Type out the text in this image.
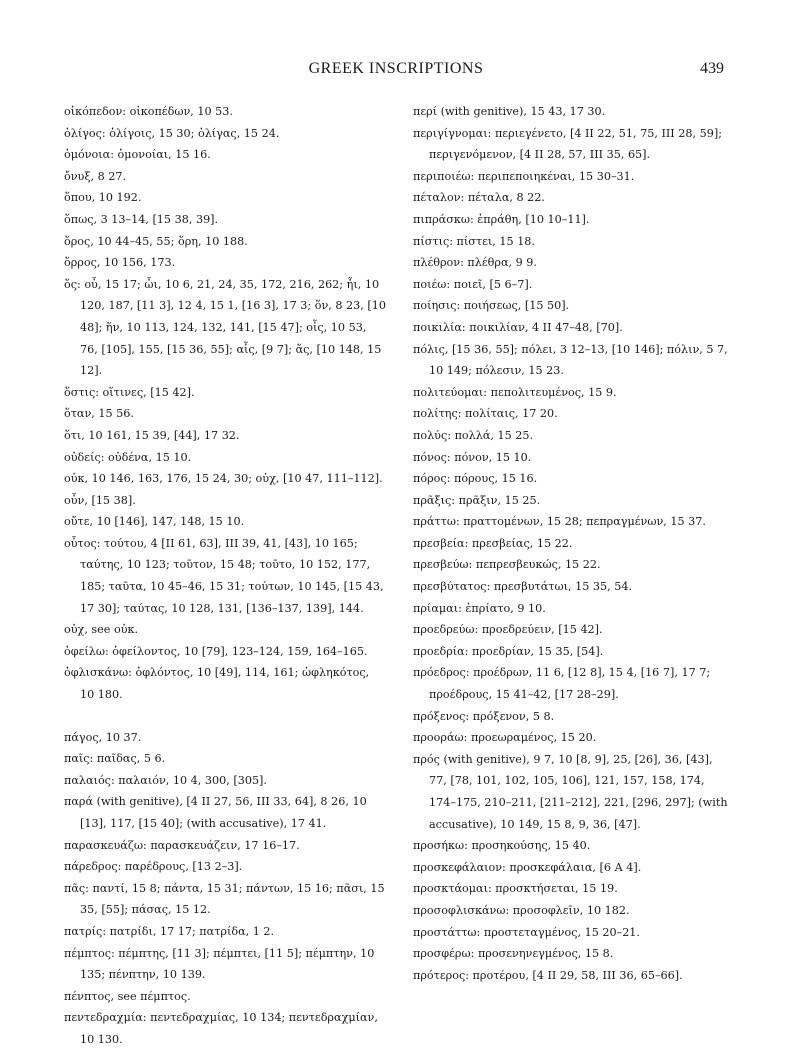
GREEK INSCRIPTIONS	439
οἰκόπεδον: οἰκοπέδων, 10 53.
ὀλίγος: ὀλίγοις, 15 30; ὀλίγας, 15 24.
ὁμόνοια: ὁμονοίαι, 15 16.
ὄνυξ, 8 27.
ὅπου, 10 192.
ὅπως, 3 13–14, [15 38, 39].
ὅρος, 10 44–45, 55; ὅρη, 10 188.
ὅρρος, 10 156, 173.
ὅς: οὗ, 15 17; ὧι, 10 6, 21, 24, 35, 172, 216, 262; ἧι, 10 120, 187, [11 3], 12 4, 15 1, [16 3], 17 3; ὅν, 8 23, [10 48]; ἥν, 10 113, 124, 132, 141, [15 47]; οἷς, 10 53, 76, [105], 155, [15 36, 55]; αἷς, [9 7]; ἅς, [10 148, 15 12].
ὅστις: οἵτινες, [15 42].
ὅταν, 15 56.
ὅτι, 10 161, 15 39, [44], 17 32.
οὐδείς: οὐδένα, 15 10.
οὐκ, 10 146, 163, 176, 15 24, 30; οὐχ, [10 47, 111–112].
οὖν, [15 38].
οὔτε, 10 [146], 147, 148, 15 10.
οὗτος: τούτου, 4 [II 61, 63], III 39, 41, [43], 10 165; ταύτης, 10 123; τοῦτον, 15 48; τοῦτο, 10 152, 177, 185; ταῦτα, 10 45–46, 15 31; τούτων, 10 145, [15 43, 17 30]; ταύτας, 10 128, 131, [136–137, 139], 144.
οὐχ, see οὐκ.
ὀφείλω: ὀφείλοντος, 10 [79], 123–124, 159, 164–165.
ὀφλισκάνω: ὀφλόντος, 10 [49], 114, 161; ὠφληκότος, 10 180.
πάγος, 10 37.
παῖς: παῖδας, 5 6.
παλαιός: παλαιόν, 10 4, 300, [305].
παρά (with genitive), [4 II 27, 56, III 33, 64], 8 26, 10 [13], 117, [15 40]; (with accusative), 17 41.
παρασκευάζω: παρασκευάζειν, 17 16–17.
πάρεδρος: παρέδρους, [13 2–3].
πᾶς: παντί, 15 8; πάντα, 15 31; πάντων, 15 16; πᾶσι, 15 35, [55]; πάσας, 15 12.
πατρίς: πατρίδι, 17 17; πατρίδα, 1 2.
πέμπτος: πέμπτης, [11 3]; πέμπτει, [11 5]; πέμπτην, 10 135; πένπτην, 10 139.
πένπτος, see πέμπτος.
πεντεδραχμία: πεντεδραχμίας, 10 134; πεντεδραχμίαν, 10 130.
περί (with genitive), 15 43, 17 30.
περιγίγνομαι: περιεγένετο, [4 II 22, 51, 75, III 28, 59]; περιγενόμενον, [4 II 28, 57, III 35, 65].
περιποιέω: περιπεποιηκέναι, 15 30–31.
πέταλον: πέταλα, 8 22.
πιπράσκω: ἐπράθη, [10 10–11].
πίστις: πίστει, 15 18.
πλέθρον: πλέθρα, 9 9.
ποιέω: ποιεῖ, [5 6–7].
ποίησις: ποιήσεως, [15 50].
ποικιλία: ποικιλίαν, 4 II 47–48, [70].
πόλις, [15 36, 55]; πόλει, 3 12–13, [10 146]; πόλιν, 5 7, 10 149; πόλεσιν, 15 23.
πολιτεύομαι: πεπολιτευμένος, 15 9.
πολίτης: πολίταις, 17 20.
πολύς: πολλά, 15 25.
πόνος: πόνον, 15 10.
πόρος: πόρους, 15 16.
πρᾶξις: πρᾶξιν, 15 25.
πράττω: πραττομένων, 15 28; πεπραγμένων, 15 37.
πρεσβεία: πρεσβείας, 15 22.
πρεσβεύω: πεπρεσβευκώς, 15 22.
πρεσβύτατος: πρεσβυτάτωι, 15 35, 54.
πρίαμαι: ἐπρίατο, 9 10.
προεδρεύω: προεδρεύειν, [15 42].
προεδρία: προεδρίαν, 15 35, [54].
πρόεδρος: προέδρων, 11 6, [12 8], 15 4, [16 7], 17 7; προέδρους, 15 41–42, [17 28–29].
πρόξενος: πρόξενον, 5 8.
προοράω: προεωραμένος, 15 20.
πρός (with genitive), 9 7, 10 [8, 9], 25, [26], 36, [43], 77, [78, 101, 102, 105, 106], 121, 157, 158, 174, 174–175, 210–211, [211–212], 221, [296, 297]; (with accusative), 10 149, 15 8, 9, 36, [47].
προσήκω: προσηκούσης, 15 40.
προσκεφάλαιον: προσκεφάλαια, [6 A 4].
προσκτάομαι: προσκτήσεται, 15 19.
προσοφλισκάνω: προσοφλεῖν, 10 182.
προστάττω: προστεταγμένος, 15 20–21.
προσφέρω: προσενηνεγμένος, 15 8.
πρότερος: προτέρου, [4 II 29, 58, III 36, 65–66].
